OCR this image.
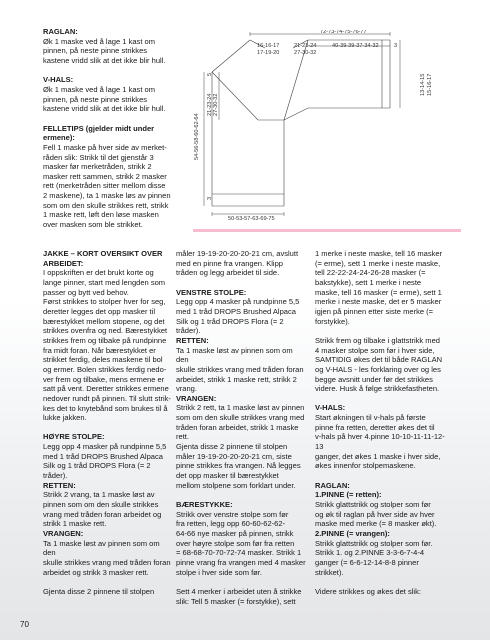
RAGLAN:

Øk 1 maske ved å lage 1 kast om

pinnen, på neste pinne strikkes

kastene vridd slik at det ikke blir hull.

V-HALS:

Øk 1 maske ved å lage 1 kast om

pinnen, på neste pinne strikkes

kastene vridd slik at det ikke blir hull.

FELLETIPS (gjelder midt under

ermene):

Fell 1 maske på hver side av merket-

råden slik: Strikk til det gjenstår 3

masker før merketråden, strikk 2

masker rett sammen, strikk 2 masker

rett (merketråden sitter mellom disse

2 maskene), ta 1 maske løs av pinnen

som om den skulle strikkes rett, strikk

1 maske rett, løft den løse masken

over masken som ble strikket.

72-73-74-75-76-77
16-16-17
17-19-20
21-23-24
27-30-32
40-39-39-37-34-32	3
54-56-58-60-62-64
21-23-24 27-30-32
5
3
50-53-57-63-69-75
13-14-15 15-16-17

JAKKE – KORT OVERSIKT OVER

ARBEIDET:

I oppskriften er det brukt korte og

lange pinner, start med lengden som

passer og bytt ved behov.

Først strikkes to stolper hver for seg,

deretter legges det opp masker til

bærestykket mellom stopene, og det

strikkes ovenfra og ned. Bærestykket

strikkes frem og tilbake på rundpinne

fra midt foran. Når bærestykket er

strikket ferdig, deles maskene til bol

og ermer. Bolen strikkes ferdig nedo-

ver frem og tilbake, mens ermene er

satt på vent. Deretter strikkes ermene

nedover rundt på pinnen. Til slutt strik-

kes det to knytebånd som brukes til å

lukke jakken.

HØYRE STOLPE:

Legg opp 4 masker på rundpinne 5,5

med 1 tråd DROPS Brushed Alpaca

Silk og 1 tråd DROPS Flora (= 2

tråder).

RETTEN:

Strikk 2 vrang, ta 1 maske løst av

pinnen som om den skulle strikkes

vrang med tråden foran arbeidet og

strikk 1 maske rett.

VRANGEN:

Ta 1 maske løst av pinnen som om den

skulle strikkes vrang med tråden foran

arbeidet og strikk 3 masker rett.

Gjenta disse 2 pinnene til stolpen

måler 19-19-20-20-20-21 cm, avslutt

med en pinne fra vrangen. Klipp

tråden og legg arbeidet til side.

VENSTRE STOLPE:

Legg opp 4 masker på rundpinne 5,5

med 1 tråd DROPS Brushed Alpaca

Silk og 1 tråd DROPS Flora (= 2 tråder).

RETTEN:

Ta 1 maske løst av pinnen som om den

skulle strikkes vrang med tråden foran

arbeidet, strikk 1 maske rett, strikk 2

vrang.

VRANGEN:

Strikk 2 rett, ta 1 maske løst av pinnen

som om den skulle strikkes vrang med

tråden foran arbeidet, strikk 1 maske

rett.

Gjenta disse 2 pinnene til stolpen

måler 19-19-20-20-20-21 cm, siste

pinne strikkes fra vrangen. Nå legges

det opp masker til bærestykket

mellom stolpene som forklart under.

BÆRESTYKKE:

Strikk over venstre stolpe som før

fra retten, legg opp 60-60-62-62-

64-66 nye masker på pinnen, strikk

over høyre stolpe som før fra retten

= 68-68-70-70-72-74 masker. Strikk 1

pinne vrang fra vrangen med 4 masker

stolpe i hver side som før.

Sett 4 merker i arbeidet uten å strikke

slik: Tell 5 masker (= forstykke), sett

1 merke i neste maske, tell 16 masker

(= erme), sett 1 merke i neste maske,

tell 22-22-24-24-26-28 masker (=

bakstykke), sett 1 merke i neste

maske, tell 16 masker (= erme), sett 1

merke i neste maske, det er 5 masker

igjen på pinnen etter siste merke (=

forstykke).

Strikk frem og tilbake i glattstrikk med

4 masker stolpe som før i hver side,

SAMTIDIG økes det til både RAGLAN

og V-HALS - les forklaring over og les

begge avsnitt under før det strikkes

videre. Husk å følge strikkefastheten.

V-HALS:

Start økningen til v-hals på første

pinne fra retten, deretter økes det til

v-hals på hver 4.pinne 10-10-11-11-12-13

ganger, det økes 1 maske i hver side,

økes innenfor stolpemaskene.

RAGLAN:

1.PINNE (= retten):

Strikk glattstrikk og stolper som før

og øk til raglan på hver side av hver

maske med merke (= 8 masker økt).

2.PINNE (= vrangen):

Strikk glattstrikk og stolper som før.

Strikk 1. og 2.PINNE 3-3-6-7-4-4

ganger (= 6-6-12-14-8-8 pinner

strikket).

Videre strikkes og økes det slik:

70
